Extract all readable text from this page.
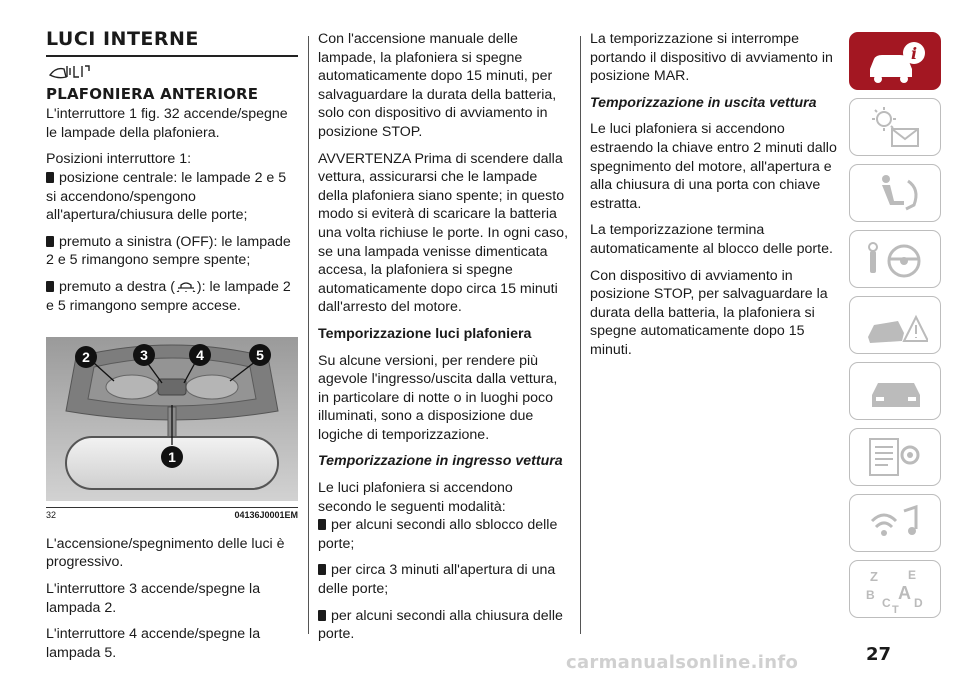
LUCI INTERNE
PLAFONIERA ANTERIORE

L'interruttore 1 fig. 32 accende/spegne le lampade della plafoniera.

Posizioni interruttore 1:

posizione centrale: le lampade 2 e 5 si accendono/spengono all'apertura/chiusura delle porte;

premuto a sinistra (OFF): le lampade 2 e 5 rimangono sempre spente;

premuto a destra ( ): le lampade 2 e 5 rimangono sempre accese.

2	3	4	5
1
32	04136J0001EM

L'accensione/spegnimento delle luci è progressivo.

L'interruttore 3 accende/spegne la lampada 2.

L'interruttore 4 accende/spegne la lampada 5.

Con l'accensione manuale delle lampade, la plafoniera si spegne automaticamente dopo 15 minuti, per salvaguardare la durata della batteria, solo con dispositivo di avviamento in posizione STOP.

AVVERTENZA Prima di scendere dalla vettura, assicurarsi che le lampade della plafoniera siano spente; in questo modo si eviterà di scaricare la batteria una volta richiuse le porte. In ogni caso, se una lampada venisse dimenticata accesa, la plafoniera si spegne automaticamente dopo circa 15 minuti dall'arresto del motore.

Temporizzazione luci plafoniera

Su alcune versioni, per rendere più agevole l'ingresso/uscita dalla vettura, in particolare di notte o in luoghi poco illuminati, sono a disposizione due logiche di temporizzazione.

Temporizzazione in ingresso vettura

Le luci plafoniera si accendono secondo le seguenti modalità:

per alcuni secondi allo sblocco delle porte;

per circa 3 minuti all'apertura di una delle porte;

per alcuni secondi alla chiusura delle porte.

La temporizzazione si interrompe portando il dispositivo di avviamento in posizione MAR.

Temporizzazione in uscita vettura

Le luci plafoniera si accendono estraendo la chiave entro 2 minuti dallo spegnimento del motore, all'apertura e alla chiusura di una porta con chiave estratta.

La temporizzazione termina automaticamente al blocco delle porte.

Con dispositivo di avviamento in posizione STOP, per salvaguardare la durata della batteria, la plafoniera si spegne automaticamente dopo 15 minuti.

i
Z	E
B A
C D
T
carmanualsonline.info	27
